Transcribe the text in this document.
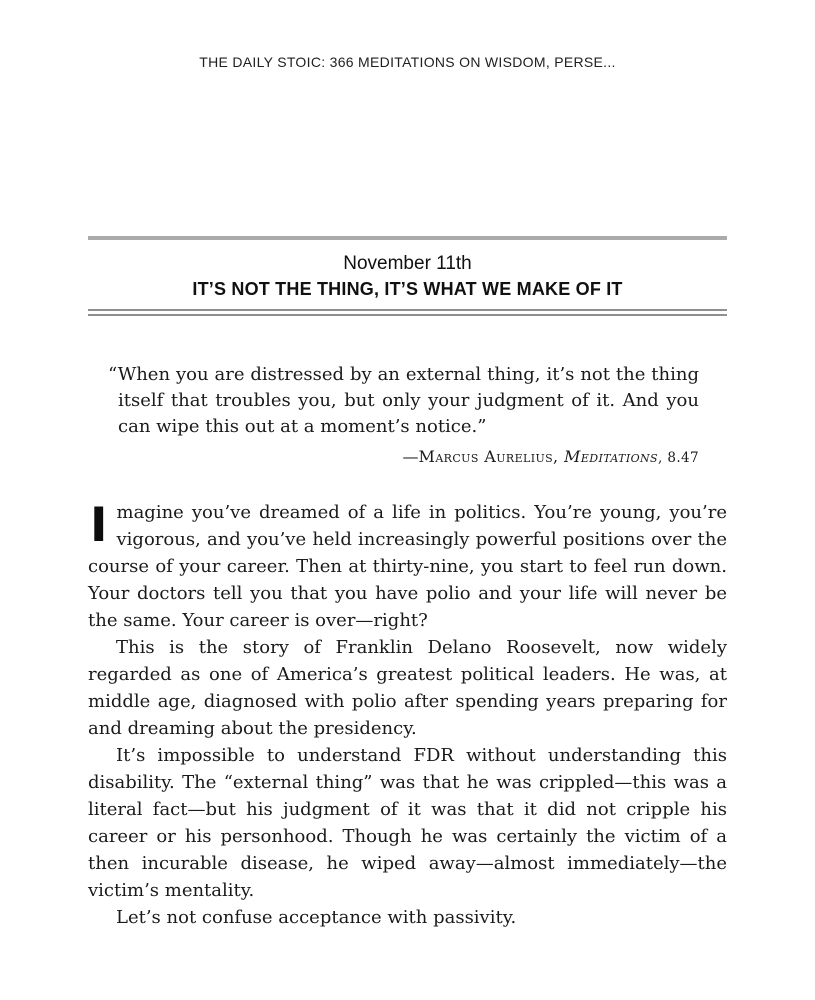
THE DAILY STOIC: 366 MEDITATIONS ON WISDOM, PERSE...
November 11th
IT’S NOT THE THING, IT’S WHAT WE MAKE OF IT
“When you are distressed by an external thing, it’s not the thing itself that troubles you, but only your judgment of it. And you can wipe this out at a moment’s notice.”
—Marcus Aurelius, Meditations, 8.47

Imagine you’ve dreamed of a life in politics. You’re young, you’re vigorous, and you’ve held increasingly powerful positions over the course of your career. Then at thirty-nine, you start to feel run down. Your doctors tell you that you have polio and your life will never be the same. Your career is over—right?

This is the story of Franklin Delano Roosevelt, now widely regarded as one of America’s greatest political leaders. He was, at middle age, diagnosed with polio after spending years preparing for and dreaming about the presidency.

It’s impossible to understand FDR without understanding this disability. The “external thing” was that he was crippled—this was a literal fact—but his judgment of it was that it did not cripple his career or his personhood. Though he was certainly the victim of a then incurable disease, he wiped away—almost immediately—the victim’s mentality.

Let’s not confuse acceptance with passivity.
